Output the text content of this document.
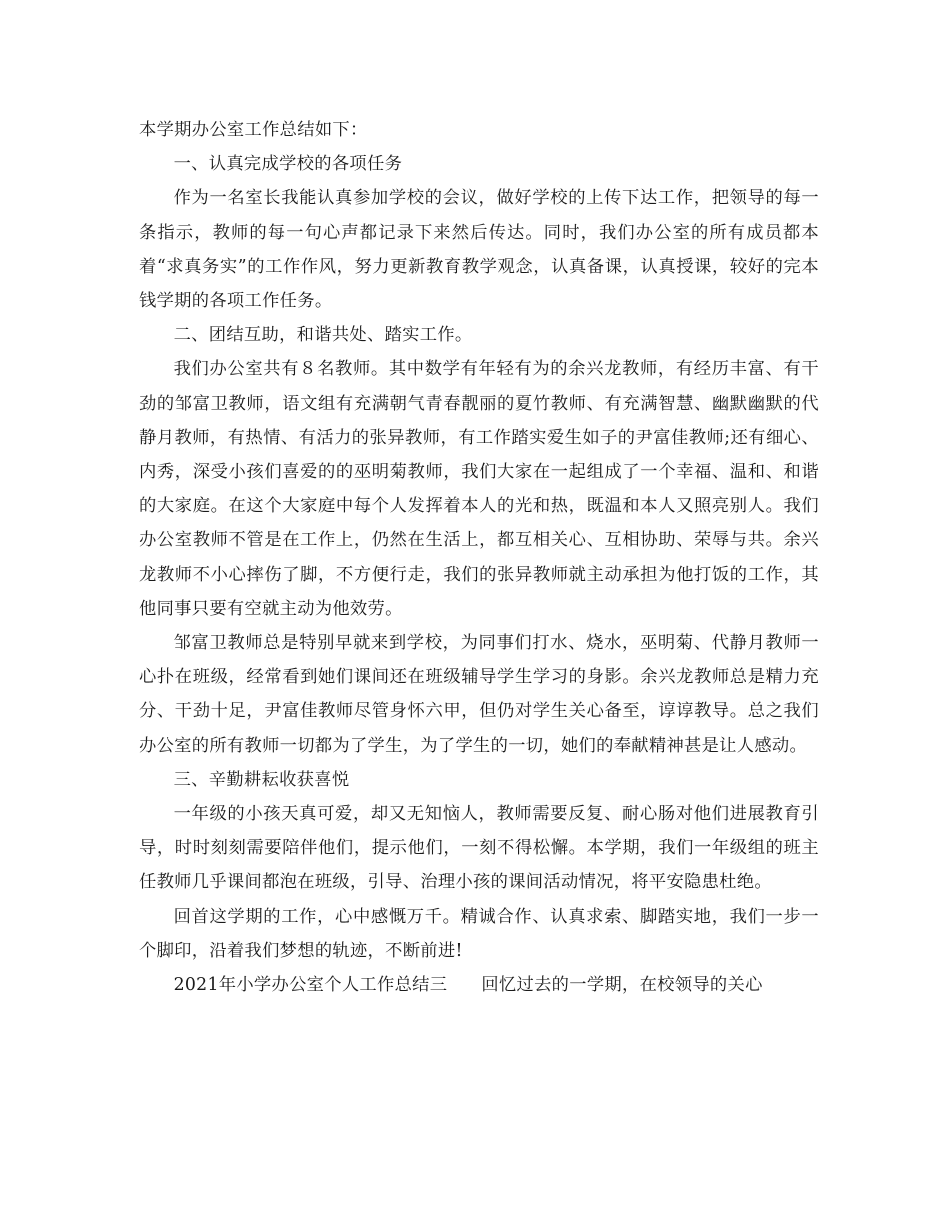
本学期办公室工作总结如下：

一、认真完成学校的各项任务

作为一名室长我能认真参加学校的会议，做好学校的上传下达工作，把领导的每一条指示，教师的每一句心声都记录下来然后传达。同时，我们办公室的所有成员都本着“求真务实”的工作作风，努力更新教育教学观念，认真备课，认真授课，较好的完本钱学期的各项工作任务。

二、团结互助，和谐共处、踏实工作。

我们办公室共有８名教师。其中数学有年轻有为的余兴龙教师，有经历丰富、有干劲的邹富卫教师，语文组有充满朝气青春靓丽的夏竹教师、有充满智慧、幽默幽默的代静月教师，有热情、有活力的张异教师，有工作踏实爱生如子的尹富佳教师;还有细心、内秀，深受小孩们喜爱的的巫明菊教师，我们大家在一起组成了一个幸福、温和、和谐的大家庭。在这个大家庭中每个人发挥着本人的光和热，既温和本人又照亮别人。我们办公室教师不管是在工作上，仍然在生活上，都互相关心、互相协助、荣辱与共。余兴龙教师不小心摔伤了脚，不方便行走，我们的张异教师就主动承担为他打饭的工作，其他同事只要有空就主动为他效劳。

邹富卫教师总是特别早就来到学校，为同事们打水、烧水，巫明菊、代静月教师一心扑在班级，经常看到她们课间还在班级辅导学生学习的身影。余兴龙教师总是精力充分、干劲十足，尹富佳教师尽管身怀六甲，但仍对学生关心备至，谆谆教导。总之我们办公室的所有教师一切都为了学生，为了学生的一切，她们的奉献精神甚是让人感动。

三、辛勤耕耘收获喜悦

一年级的小孩天真可爱，却又无知恼人，教师需要反复、耐心肠对他们进展教育引导，时时刻刻需要陪伴他们，提示他们，一刻不得松懈。本学期，我们一年级组的班主任教师几乎课间都泡在班级，引导、治理小孩的课间活动情况，将平安隐患杜绝。

回首这学期的工作，心中感慨万千。精诚合作、认真求索、脚踏实地，我们一步一个脚印，沿着我们梦想的轨迹，不断前进!

2021年小学办公室个人工作总结三 回忆过去的一学期，在校领导的关心
